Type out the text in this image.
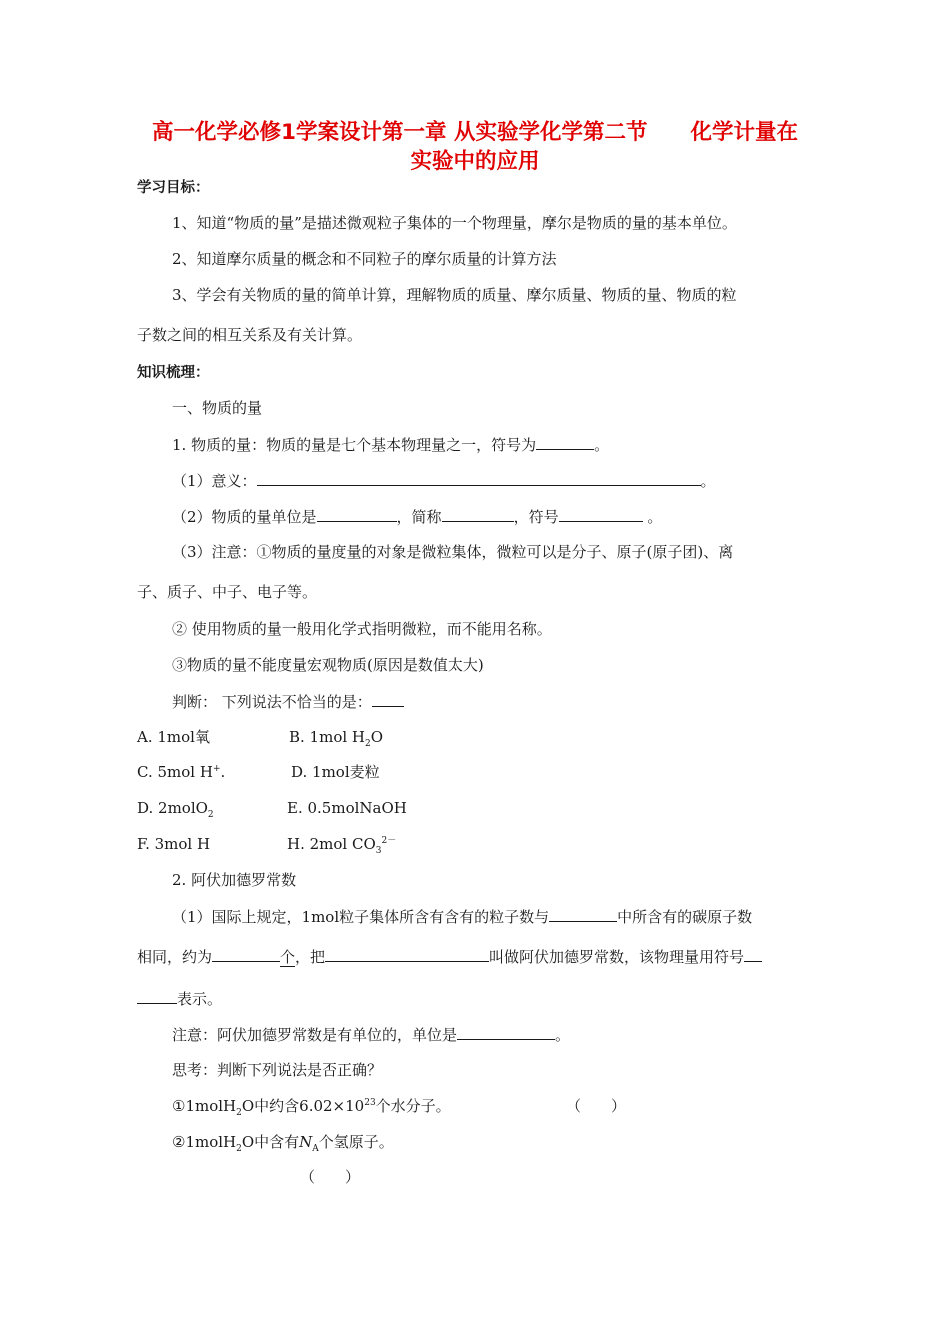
高一化学必修1学案设计第一章 从实验学化学第二节　　化学计量在
实验中的应用
学习目标：
1、知道“物质的量”是描述微观粒子集体的一个物理量，摩尔是物质的量的基本单位。
2、知道摩尔质量的概念和不同粒子的摩尔质量的计算方法
3、学会有关物质的量的简单计算，理解物质的质量、摩尔质量、物质的量、物质的粒
子数之间的相互关系及有关计算。
知识梳理：
一、物质的量
1. 物质的量：物质的量是七个基本物理量之一，符号为	。
（1）意义：	。
（2）物质的量单位是	，简称	，符号	。
（3）注意：①物质的量度量的对象是微粒集体，微粒可以是分子、原子(原子团)、离
子、质子、中子、电子等。
② 使用物质的量一般用化学式指明微粒，而不能用名称。
③物质的量不能度量宏观物质(原因是数值太大)
判断： 下列说法不恰当的是：
A. 1mol氧	B. 1mol $H_2O$
C. 5mol H+.	D. 1mol麦粒
D. 2molO$_2$	E. 0.5molNaOH
F. 3mol H	H. 2mol $CO_3^{2-}$
2. 阿伏加德罗常数
（1）国际上规定，1mol粒子集体所含有含有的粒子数与	中所含有的碳原子数
相同，约为	个，把	叫做阿伏加德罗常数，该物理量用符号
表示。
注意：阿伏加德罗常数是有单位的，单位是	。
思考：判断下列说法是否正确？
①1molH$_2$O中约含$6.02\times 10^{23}$个水分子。	（　　）
②1molH$_2$O中含有$N_A$个氢原子。
（　　）
